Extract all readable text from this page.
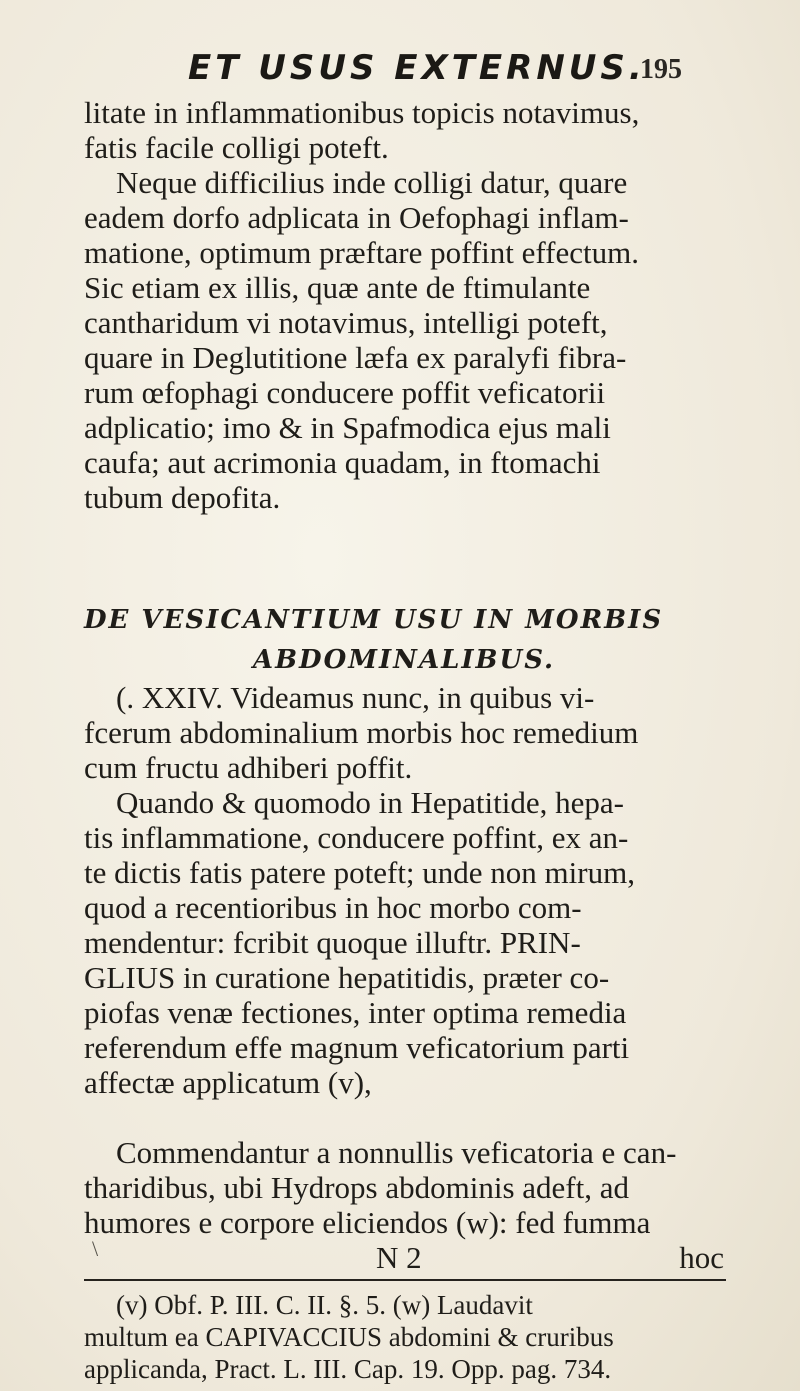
ET USUS EXTERNUS.
195
litate in inflammationibus topicis notavimus,
fatis facile colligi poteft.
Neque difficilius inde colligi datur, quare
eadem dorfo adplicata in Oefophagi inflam-
matione, optimum præftare poffint effectum.
Sic etiam ex illis, quæ ante de ftimulante
cantharidum vi notavimus, intelligi poteft,
quare in Deglutitione læfa ex paralyfi fibra-
rum œfophagi conducere poffit veficatorii
adplicatio; imo & in Spafmodica ejus mali
caufa; aut acrimonia quadam, in ftomachi
tubum depofita.
DE VESICANTIUM USU IN MORBIS
ABDOMINALIBUS.
(. XXIV. Videamus nunc, in quibus vi-
fcerum abdominalium morbis hoc remedium
cum fructu adhiberi poffit.
Quando & quomodo in Hepatitide, hepa-
tis inflammatione, conducere poffint, ex an-
te dictis fatis patere poteft; unde non mirum,
quod a recentioribus in hoc morbo com-
mendentur: fcribit quoque illuftr. PRIN-
GLIUS in curatione hepatitidis, præter co-
piofas venæ fectiones, inter optima remedia
referendum effe magnum veficatorium parti
affectæ applicatum (v),
Commendantur a nonnullis veficatoria e can-
tharidibus, ubi Hydrops abdominis adeft, ad
humores e corpore eliciendos (w): fed fumma
N 2	hoc
(v) Obf. P. III. C. II. §. 5. (w) Laudavit
multum ea CAPIVACCIUS abdomini & cruribus
applicanda, Pract. L. III. Cap. 19. Opp. pag. 734.
\
